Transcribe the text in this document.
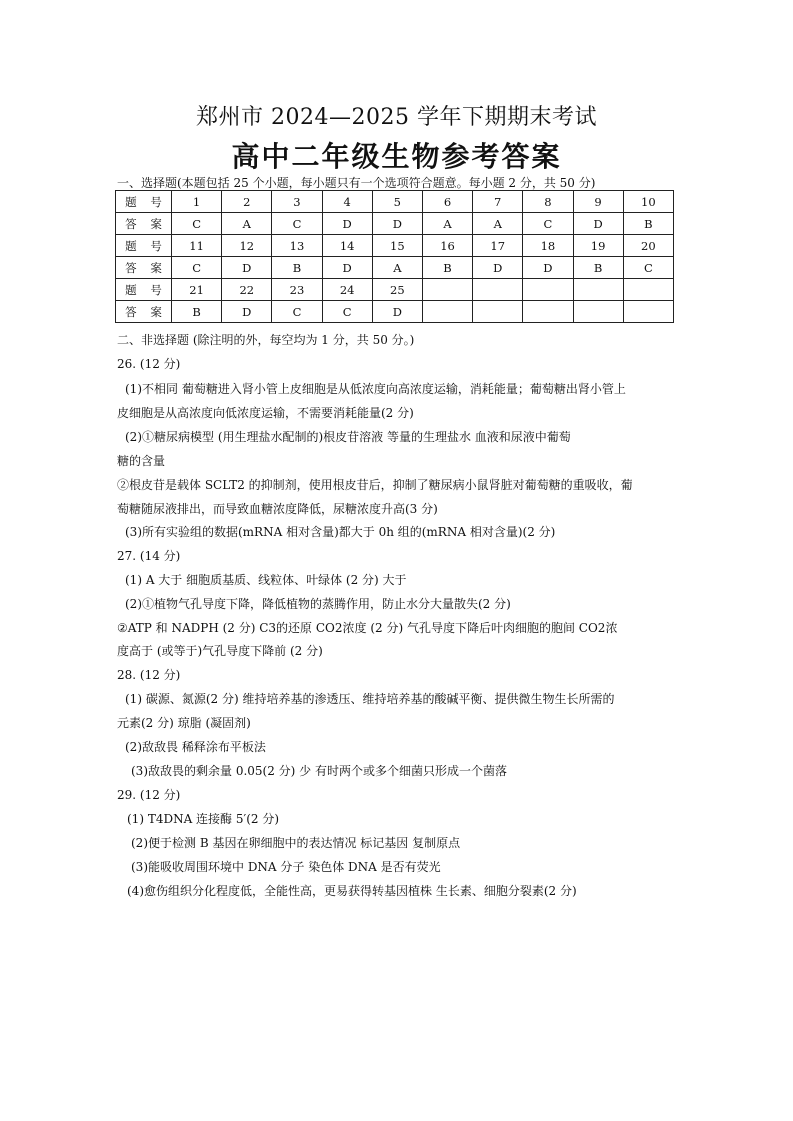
郑州市 2024—2025 学年下期期末考试
高中二年级生物参考答案
一、选择题(本题包括 25 个小题，每小题只有一个选项符合题意。每小题 2 分，共 50 分)
题 号	1	2	3	4	5	6	7	8	9	10
答 案	C	A	C	D	D	A	A	C	D	B
题 号	11	12	13	14	15	16	17	18	19	20
答 案	C	D	B	D	A	B	D	D	B	C
题 号	21	22	23	24	25					
答 案	B	D	C	C	D					
二、非选择题 (除注明的外，每空均为 1 分，共 50 分。)
26. (12 分)
(1)不相同 葡萄糖进入肾小管上皮细胞是从低浓度向高浓度运输，消耗能量；葡萄糖出肾小管上
皮细胞是从高浓度向低浓度运输，不需要消耗能量(2 分)
(2)①糖尿病模型 (用生理盐水配制的)根皮苷溶液 等量的生理盐水 血液和尿液中葡萄
糖的含量
②根皮苷是载体 SCLT2 的抑制剂，使用根皮苷后，抑制了糖尿病小鼠肾脏对葡萄糖的重吸收，葡
萄糖随尿液排出，而导致血糖浓度降低，尿糖浓度升高(3 分)
(3)所有实验组的数据(mRNA 相对含量)都大于 0h 组的(mRNA 相对含量)(2 分)
27. (14 分)
(1) A 大于 细胞质基质、线粒体、叶绿体 (2 分) 大于
(2)①植物气孔导度下降，降低植物的蒸腾作用，防止水分大量散失(2 分)
②ATP 和 NADPH (2 分) C3的还原 CO2浓度 (2 分) 气孔导度下降后叶肉细胞的胞间 CO2浓
度高于 (或等于)气孔导度下降前 (2 分)
28. (12 分)
(1) 碳源、氮源(2 分) 维持培养基的渗透压、维持培养基的酸碱平衡、提供微生物生长所需的
元素(2 分) 琼脂 (凝固剂)
(2)敌敌畏 稀释涂布平板法
(3)敌敌畏的剩余量 0.05(2 分) 少 有时两个或多个细菌只形成一个菌落
29. (12 分)
(1) T4DNA 连接酶 5′(2 分)
(2)便于检测 B 基因在卵细胞中的表达情况 标记基因 复制原点
(3)能吸收周围环境中 DNA 分子 染色体 DNA 是否有荧光
(4)愈伤组织分化程度低，全能性高，更易获得转基因植株 生长素、细胞分裂素(2 分)
